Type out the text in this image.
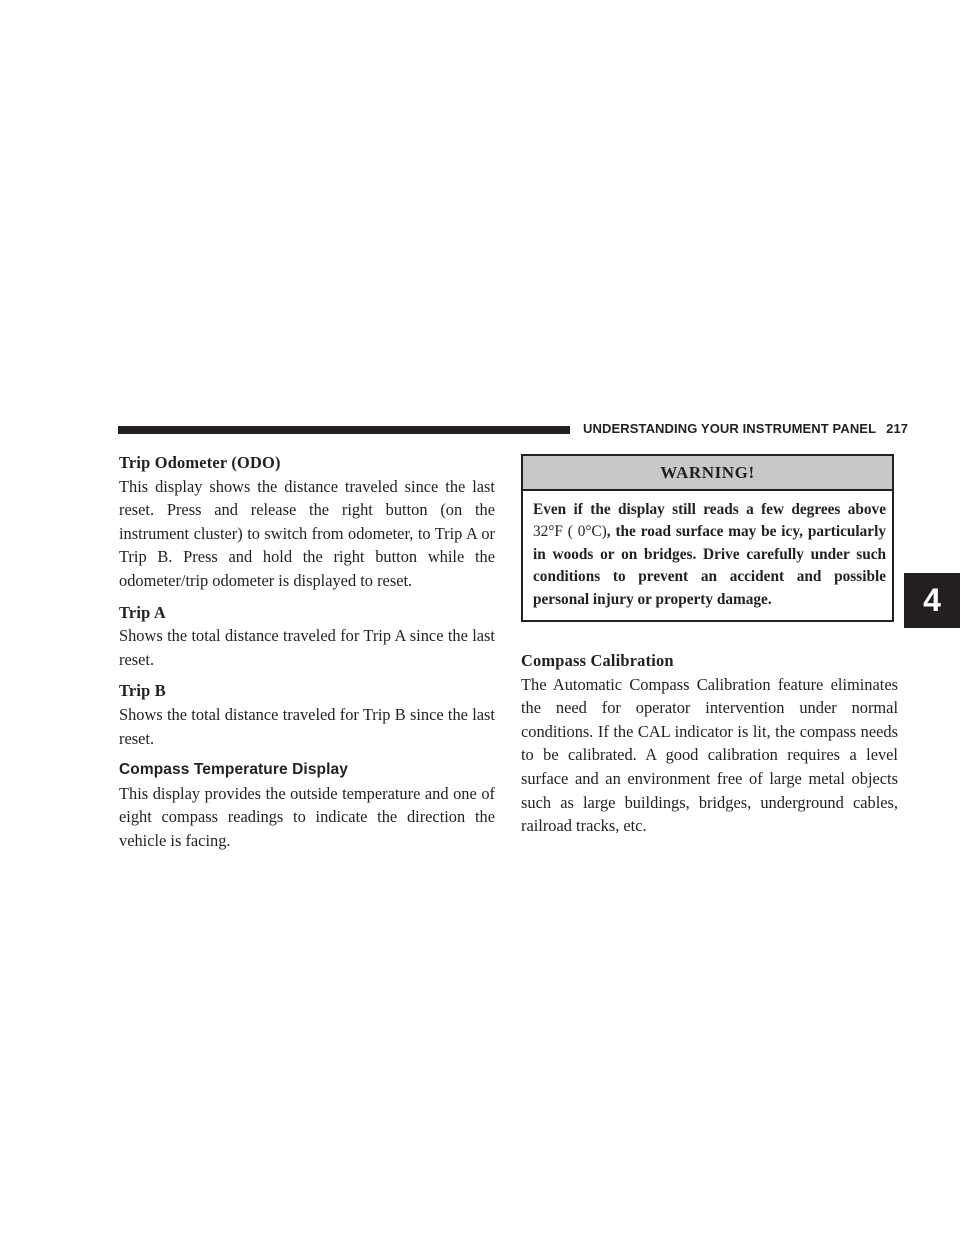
UNDERSTANDING YOUR INSTRUMENT PANEL 217
4
Trip Odometer (ODO)

This display shows the distance traveled since the last reset. Press and release the right button (on the instrument cluster) to switch from odometer, to Trip A or Trip B. Press and hold the right button while the odometer/trip odometer is displayed to reset.

Trip A

Shows the total distance traveled for Trip A since the last reset.

Trip B

Shows the total distance traveled for Trip B since the last reset.

Compass Temperature Display

This display provides the outside temperature and one of eight compass readings to indicate the direction the vehicle is facing.

WARNING!
Even if the display still reads a few degrees above 32°F ( 0°C), the road surface may be icy, particularly in woods or on bridges. Drive carefully under such conditions to prevent an accident and possible personal injury or property damage.
Compass Calibration

The Automatic Compass Calibration feature eliminates the need for operator intervention under normal conditions. If the CAL indicator is lit, the compass needs to be calibrated. A good calibration requires a level surface and an environment free of large metal objects such as large buildings, bridges, underground cables, railroad tracks, etc.
